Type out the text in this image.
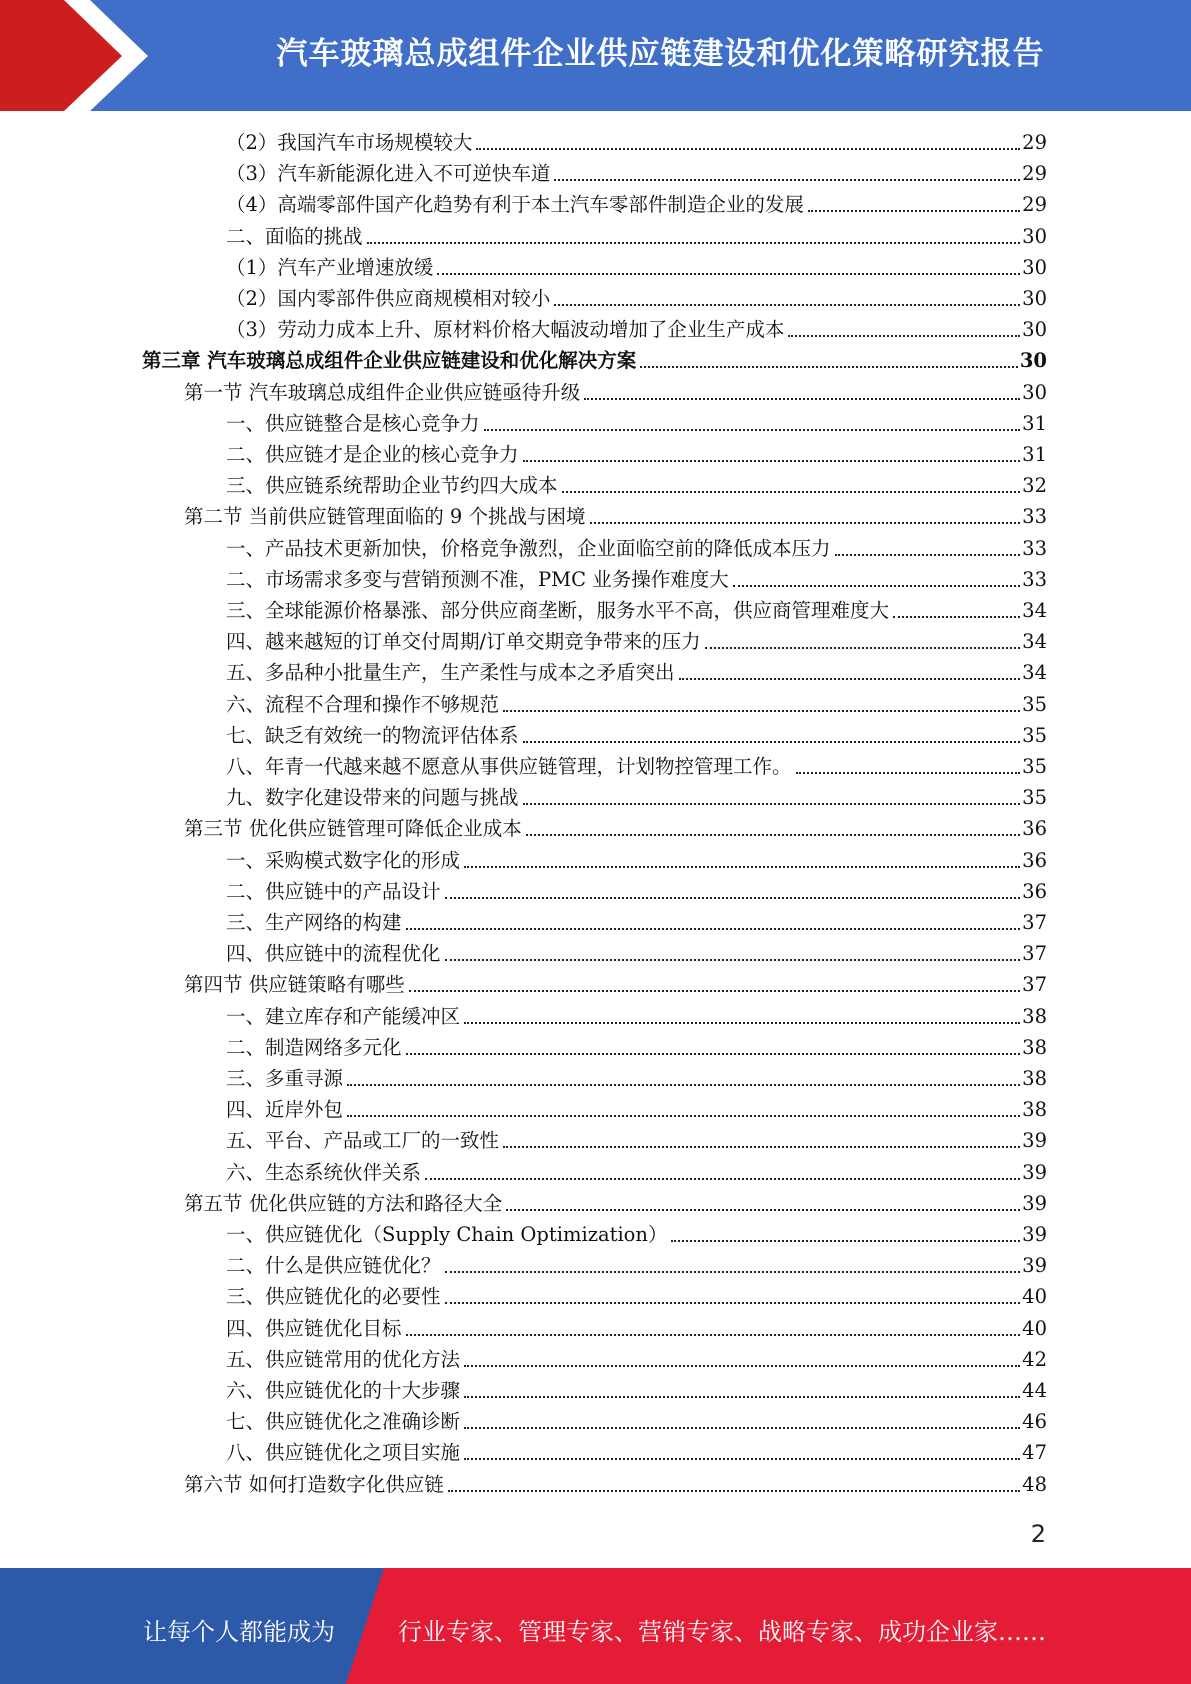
汽车玻璃总成组件企业供应链建设和优化策略研究报告
（2）我国汽车市场规模较大	29
（3）汽车新能源化进入不可逆快车道	29
（4）高端零部件国产化趋势有利于本土汽车零部件制造企业的发展	29
二、面临的挑战	30
（1）汽车产业增速放缓	30
（2）国内零部件供应商规模相对较小	30
（3）劳动力成本上升、原材料价格大幅波动增加了企业生产成本	30
第三章 汽车玻璃总成组件企业供应链建设和优化解决方案	30
第一节 汽车玻璃总成组件企业供应链亟待升级	30
一、供应链整合是核心竞争力	31
二、供应链才是企业的核心竞争力	31
三、供应链系统帮助企业节约四大成本	32
第二节 当前供应链管理面临的 9 个挑战与困境	33
一、产品技术更新加快，价格竞争激烈，企业面临空前的降低成本压力	33
二、市场需求多变与营销预测不准，PMC 业务操作难度大	33
三、全球能源价格暴涨、部分供应商垄断，服务水平不高，供应商管理难度大	34
四、越来越短的订单交付周期/订单交期竞争带来的压力	34
五、多品种小批量生产，生产柔性与成本之矛盾突出	34
六、流程不合理和操作不够规范	35
七、缺乏有效统一的物流评估体系	35
八、年青一代越来越不愿意从事供应链管理，计划物控管理工作。	35
九、数字化建设带来的问题与挑战	35
第三节 优化供应链管理可降低企业成本	36
一、采购模式数字化的形成	36
二、供应链中的产品设计	36
三、生产网络的构建	37
四、供应链中的流程优化	37
第四节 供应链策略有哪些	37
一、建立库存和产能缓冲区	38
二、制造网络多元化	38
三、多重寻源	38
四、近岸外包	38
五、平台、产品或工厂的一致性	39
六、生态系统伙伴关系	39
第五节 优化供应链的方法和路径大全	39
一、供应链优化（Supply Chain Optimization）	39
二、什么是供应链优化？	39
三、供应链优化的必要性	40
四、供应链优化目标	40
五、供应链常用的优化方法	42
六、供应链优化的十大步骤	44
七、供应链优化之准确诊断	46
八、供应链优化之项目实施	47
第六节 如何打造数字化供应链	48
2
让每个人都能成为	行业专家、管理专家、营销专家、战略专家、成功企业家……
